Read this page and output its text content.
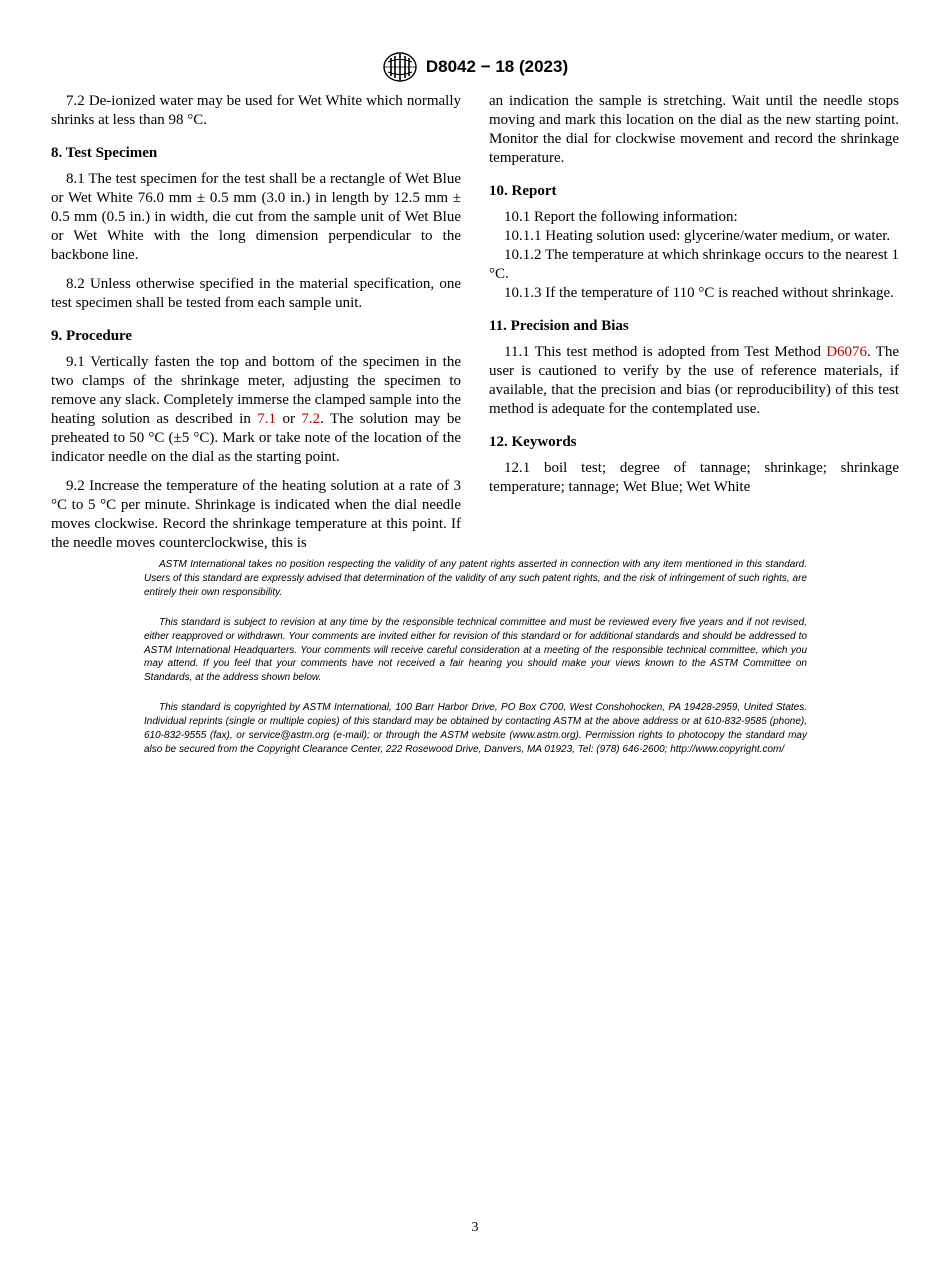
D8042 − 18 (2023)

7.2 De-ionized water may be used for Wet White which normally shrinks at less than 98 °C.

8. Test Specimen

8.1 The test specimen for the test shall be a rectangle of Wet Blue or Wet White 76.0 mm ± 0.5 mm (3.0 in.) in length by 12.5 mm ± 0.5 mm (0.5 in.) in width, die cut from the sample unit of Wet Blue or Wet White with the long dimension perpendicular to the backbone line.

8.2 Unless otherwise specified in the material specification, one test specimen shall be tested from each sample unit.

9. Procedure

9.1 Vertically fasten the top and bottom of the specimen in the two clamps of the shrinkage meter, adjusting the specimen to remove any slack. Completely immerse the clamped sample into the heating solution as described in 7.1 or 7.2. The solution may be preheated to 50 °C (±5 °C). Mark or take note of the location of the indicator needle on the dial as the starting point.

9.2 Increase the temperature of the heating solution at a rate of 3 °C to 5 °C per minute. Shrinkage is indicated when the dial needle moves clockwise. Record the shrinkage temperature at this point. If the needle moves counterclockwise, this is

an indication the sample is stretching. Wait until the needle stops moving and mark this location on the dial as the new starting point. Monitor the dial for clockwise movement and record the shrinkage temperature.

10. Report

10.1 Report the following information:

10.1.1 Heating solution used: glycerine/water medium, or water.

10.1.2 The temperature at which shrinkage occurs to the nearest 1 °C.

10.1.3 If the temperature of 110 °C is reached without shrinkage.

11. Precision and Bias

11.1 This test method is adopted from Test Method D6076. The user is cautioned to verify by the use of reference materials, if available, that the precision and bias (or reproducibility) of this test method is adequate for the contemplated use.

12. Keywords

12.1 boil test; degree of tannage; shrinkage; shrinkage temperature; tannage; Wet Blue; Wet White

ASTM International takes no position respecting the validity of any patent rights asserted in connection with any item mentioned in this standard. Users of this standard are expressly advised that determination of the validity of any such patent rights, and the risk of infringement of such rights, are entirely their own responsibility.

This standard is subject to revision at any time by the responsible technical committee and must be reviewed every five years and if not revised, either reapproved or withdrawn. Your comments are invited either for revision of this standard or for additional standards and should be addressed to ASTM International Headquarters. Your comments will receive careful consideration at a meeting of the responsible technical committee, which you may attend. If you feel that your comments have not received a fair hearing you should make your views known to the ASTM Committee on Standards, at the address shown below.

This standard is copyrighted by ASTM International, 100 Barr Harbor Drive, PO Box C700, West Conshohocken, PA 19428-2959, United States. Individual reprints (single or multiple copies) of this standard may be obtained by contacting ASTM at the above address or at 610-832-9585 (phone), 610-832-9555 (fax), or service@astm.org (e-mail); or through the ASTM website (www.astm.org). Permission rights to photocopy the standard may also be secured from the Copyright Clearance Center, 222 Rosewood Drive, Danvers, MA 01923, Tel: (978) 646-2600; http://www.copyright.com/

3
